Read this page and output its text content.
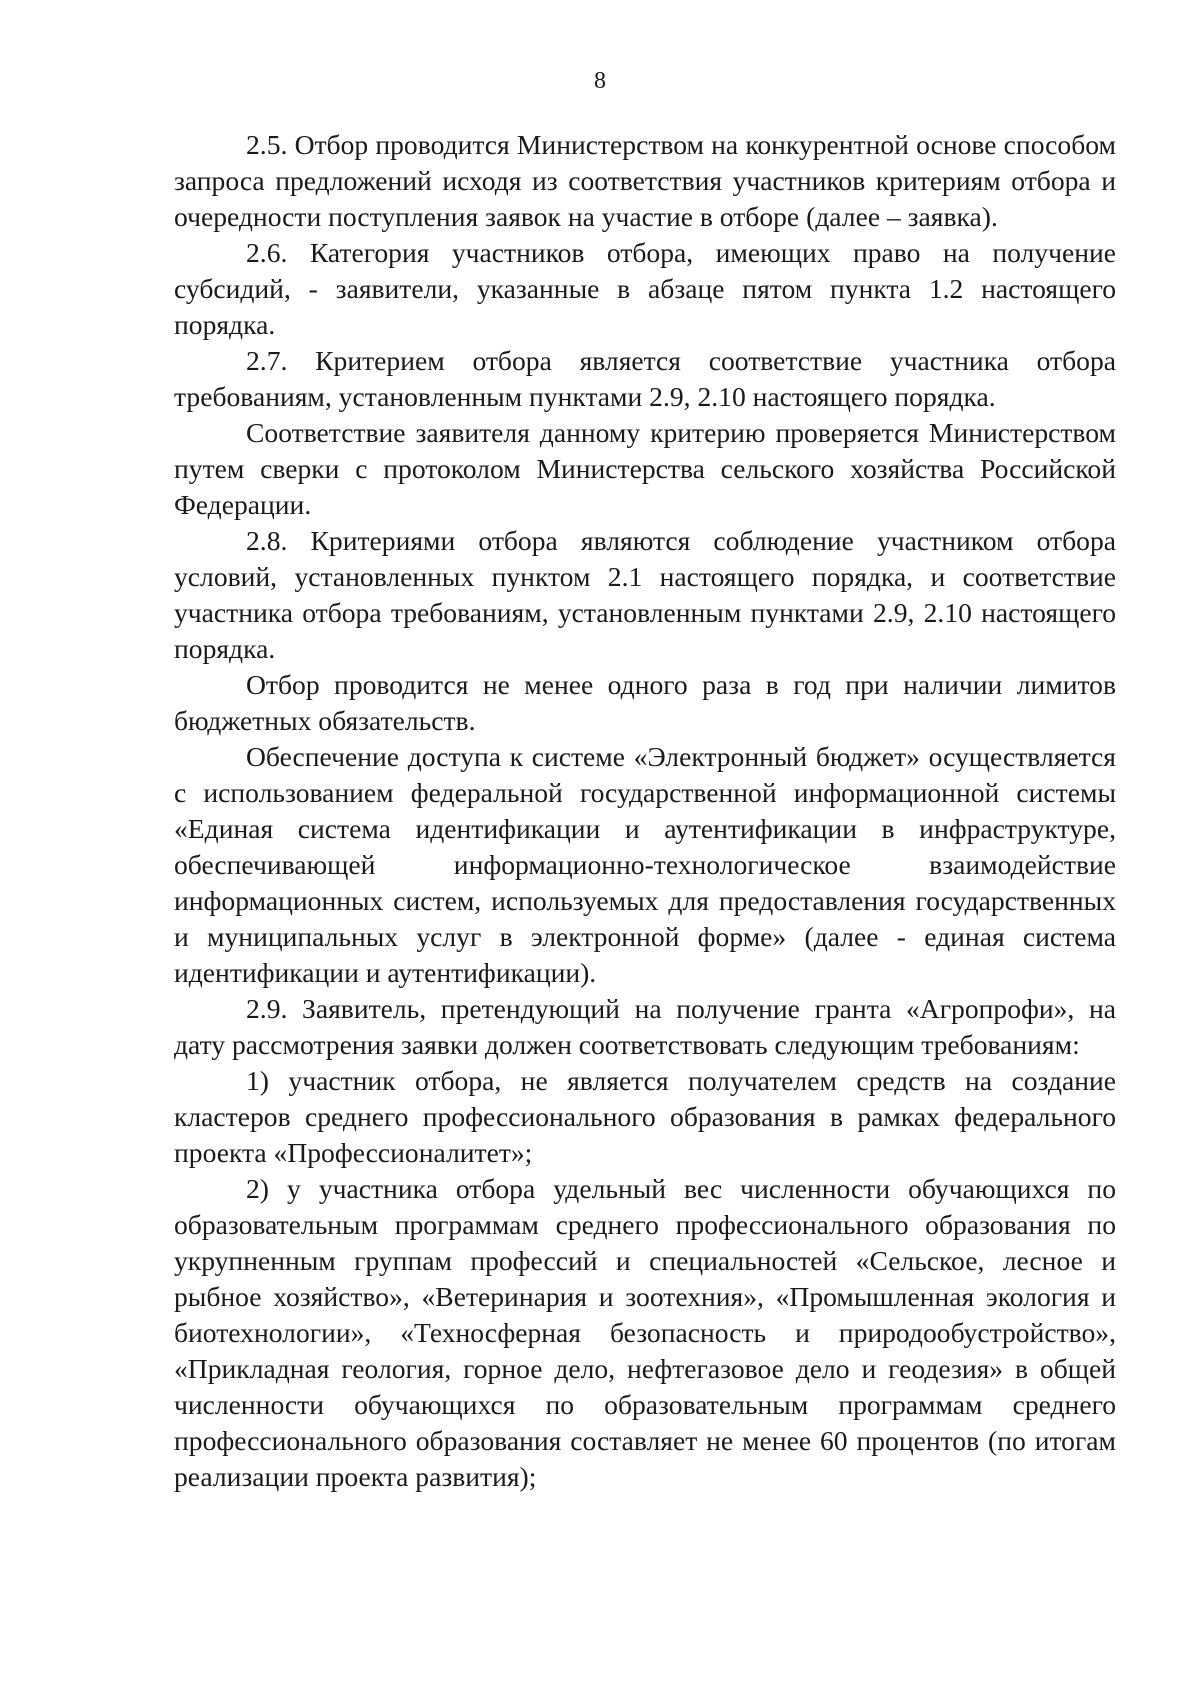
8

2.5. Отбор проводится Министерством на конкурентной основе способом запроса предложений исходя из соответствия участников критериям отбора и очередности поступления заявок на участие в отборе (далее – заявка).

2.6. Категория участников отбора, имеющих право на получение субсидий, - заявители, указанные в абзаце пятом пункта 1.2 настоящего порядка.

2.7. Критерием отбора является соответствие участника отбора требованиям, установленным пунктами 2.9, 2.10 настоящего порядка.

Соответствие заявителя данному критерию проверяется Министерством путем сверки с протоколом Министерства сельского хозяйства Российской Федерации.

2.8. Критериями отбора являются соблюдение участником отбора условий, установленных пунктом 2.1 настоящего порядка, и соответствие участника отбора требованиям, установленным пунктами 2.9, 2.10 настоящего порядка.

Отбор проводится не менее одного раза в год при наличии лимитов бюджетных обязательств.

Обеспечение доступа к системе «Электронный бюджет» осуществляется с использованием федеральной государственной информационной системы «Единая система идентификации и аутентификации в инфраструктуре, обеспечивающей информационно-технологическое взаимодействие информационных систем, используемых для предоставления государственных и муниципальных услуг в электронной форме» (далее - единая система идентификации и аутентификации).

2.9. Заявитель, претендующий на получение гранта «Агропрофи», на дату рассмотрения заявки должен соответствовать следующим требованиям:

1) участник отбора, не является получателем средств на создание кластеров среднего профессионального образования в рамках федерального проекта «Профессионалитет»;

2) у участника отбора удельный вес численности обучающихся по образовательным программам среднего профессионального образования по укрупненным группам профессий и специальностей «Сельское, лесное и рыбное хозяйство», «Ветеринария и зоотехния», «Промышленная экология и биотехнологии», «Техносферная безопасность и природообустройство», «Прикладная геология, горное дело, нефтегазовое дело и геодезия» в общей численности обучающихся по образовательным программам среднего профессионального образования составляет не менее 60 процентов (по итогам реализации проекта развития);
